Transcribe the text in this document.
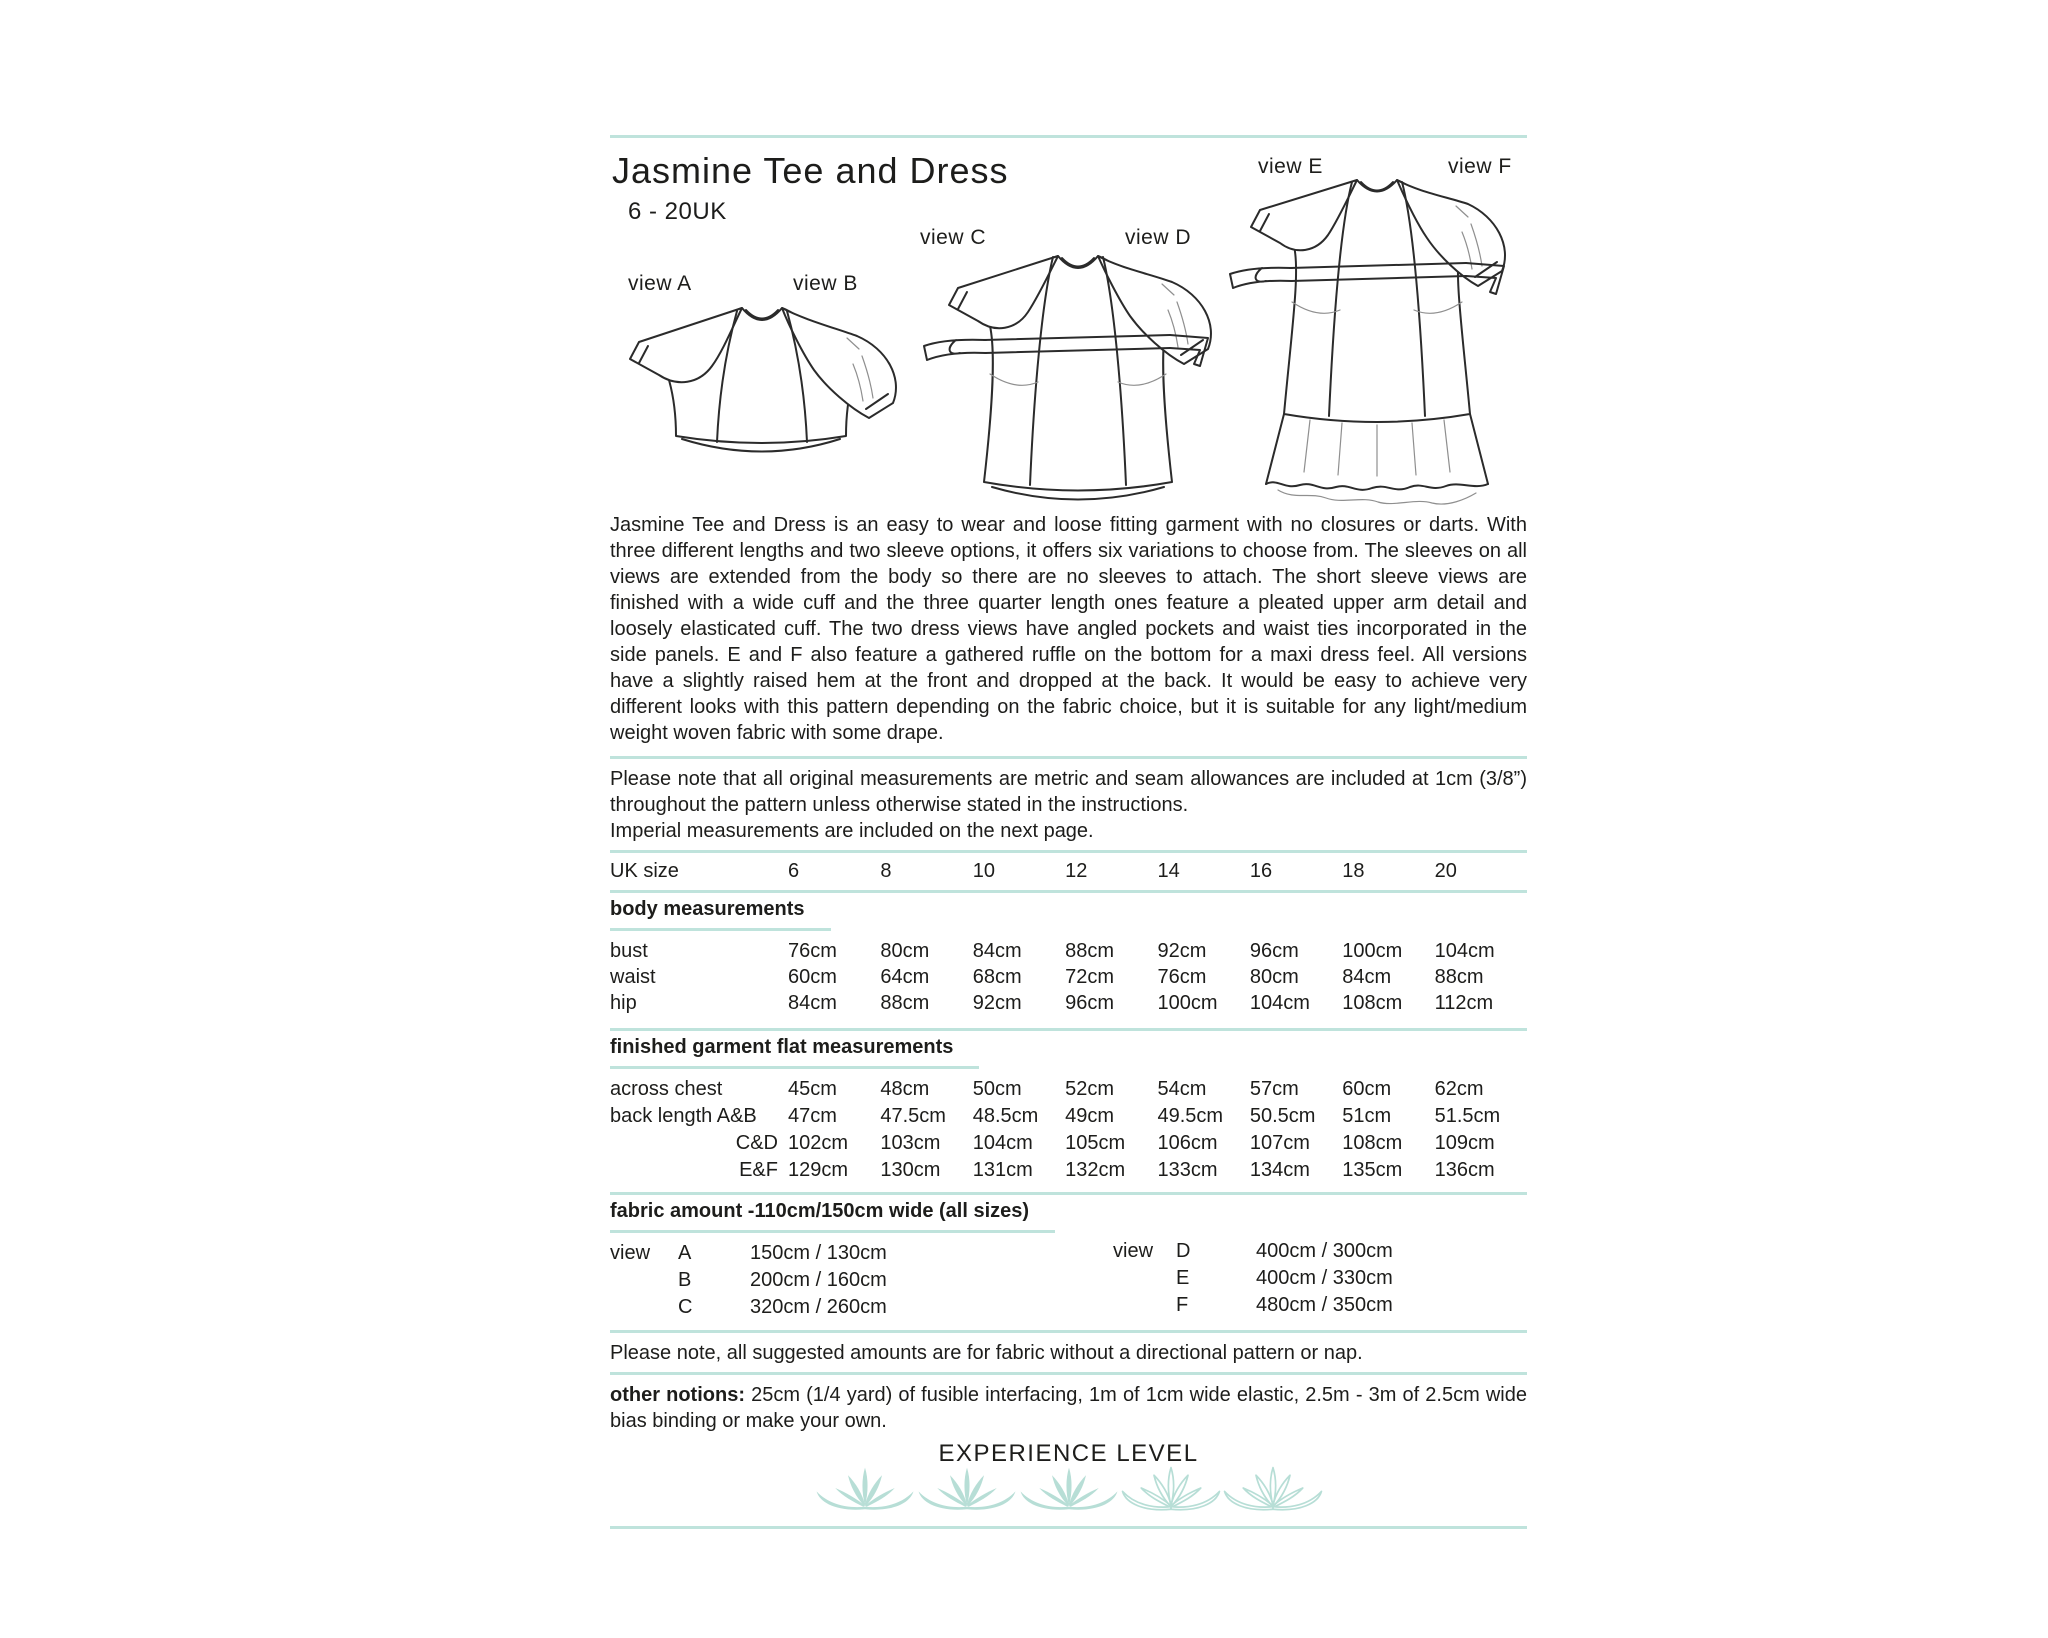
Jasmine Tee and Dress
6 - 20UK
view A	view B
view C	view D
view E	view F
Jasmine Tee and Dress is an easy to wear and loose fitting garment with no closures or darts. With three different lengths and two sleeve options, it offers six variations to choose from. The sleeves on all views are extended from the body so there are no sleeves to attach. The short sleeve views are finished with a wide cuff and the three quarter length ones feature a pleated upper arm detail and loosely elasticated cuff. The two dress views have angled pockets and waist ties incorporated in the side panels. E and F also feature a gathered ruffle on the bottom for a maxi dress feel. All versions have a slightly raised hem at the front and dropped at the back. It would be easy to achieve very different looks with this pattern depending on the fabric choice, but it is suitable for any light/medium weight woven fabric with some drape.
Please note that all original measurements are metric and seam allowances are included at 1cm (3/8”) throughout the pattern unless otherwise stated in the instructions.
Imperial measurements are included on the next page.
UK size	6	8	10	12	14	16	18	20
body measurements
bust	76cm	80cm	84cm	88cm	92cm	96cm	100cm	104cm
waist	60cm	64cm	68cm	72cm	76cm	80cm	84cm	88cm
hip	84cm	88cm	92cm	96cm	100cm	104cm	108cm	112cm
finished garment flat measurements
across chest	45cm	48cm	50cm	52cm	54cm	57cm	60cm	62cm
back length A&B	47cm	47.5cm	48.5cm	49cm	49.5cm	50.5cm	51cm	51.5cm
C&D 102cm	103cm	104cm	105cm	106cm	107cm	108cm	109cm
E&F 129cm	130cm	131cm	132cm	133cm	134cm	135cm	136cm
fabric amount -110cm/150cm wide (all sizes)
view	A	150cm / 130cm
B	200cm / 160cm
C	320cm / 260cm
view	D	400cm / 300cm
E	400cm / 330cm
F	480cm / 350cm
Please note, all suggested amounts are for fabric without a directional pattern or nap.
other notions: 25cm (1/4 yard) of fusible interfacing, 1m of 1cm wide elastic, 2.5m - 3m of 2.5cm wide bias binding or make your own.
EXPERIENCE LEVEL
